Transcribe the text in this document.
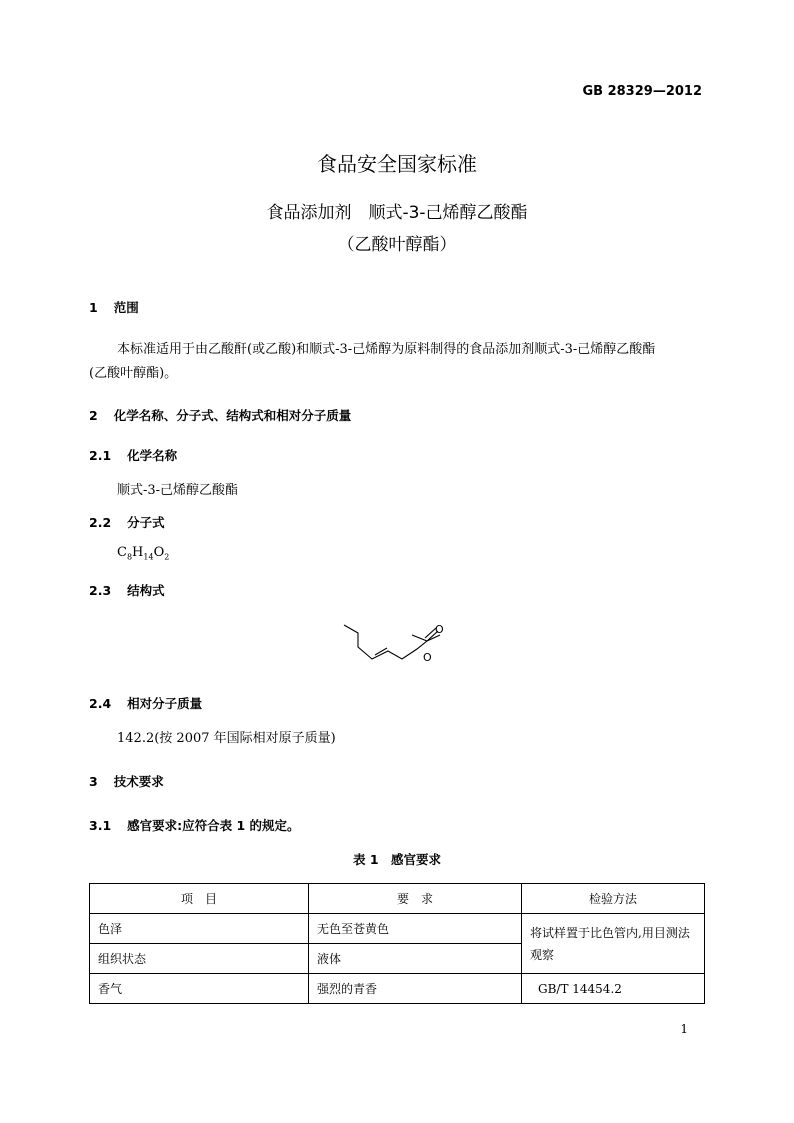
GB 28329—2012
食品安全国家标准
食品添加剂　顺式-3-己烯醇乙酸酯
（乙酸叶醇酯）
1 范围
本标准适用于由乙酸酐(或乙酸)和顺式-3-己烯醇为原料制得的食品添加剂顺式-3-己烯醇乙酸酯
(乙酸叶醇酯)。
2 化学名称、分子式、结构式和相对分子质量
2.1 化学名称
顺式-3-己烯醇乙酸酯
2.2 分子式
$C_8H_{14}O_2$
2.3 结构式
O
O
2.4 相对分子质量
142.2(按 2007 年国际相对原子质量)
3 技术要求
3.1 感官要求:应符合表 1 的规定。
表 1　感官要求
项　目	要　求	检验方法
色泽	无色至苍黄色	将试样置于比色管内,用目测法观察
组织状态	液体	
香气	强烈的青香	GB/T 14454.2
1
